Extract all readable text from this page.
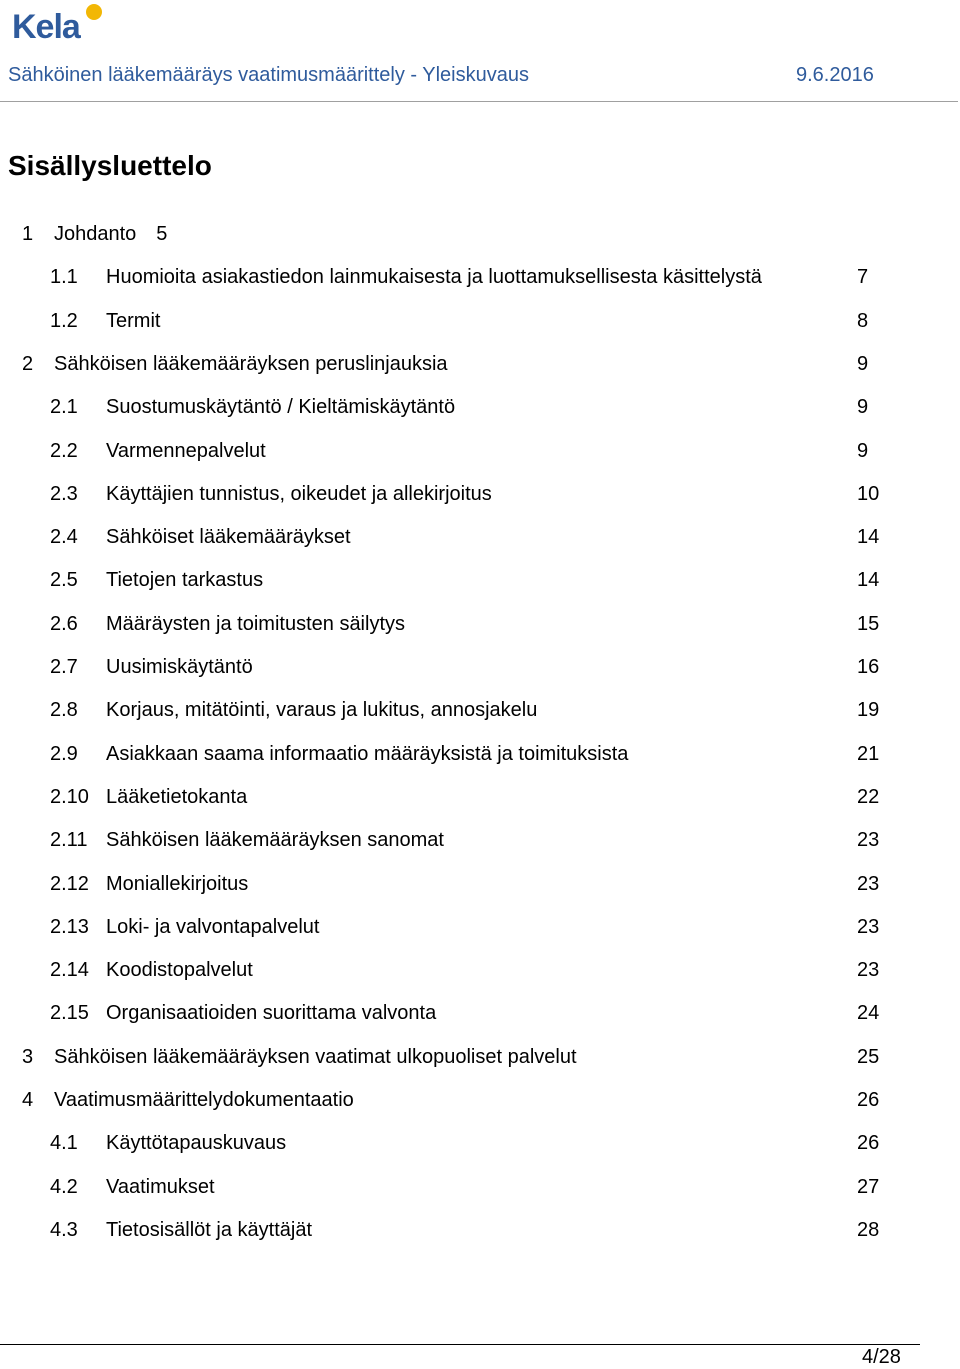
Kela
Sähköinen lääkemääräys vaatimusmäärittely - Yleiskuvaus	9.6.2016
Sisällysluettelo
1 Johdanto 5
1.1 Huomioita asiakastiedon lainmukaisesta ja luottamuksellisesta käsittelystä	7
1.2 Termit	8
2 Sähköisen lääkemääräyksen peruslinjauksia	9
2.1 Suostumuskäytäntö / Kieltämiskäytäntö	9
2.2 Varmennepalvelut	9
2.3 Käyttäjien tunnistus, oikeudet ja allekirjoitus	10
2.4 Sähköiset lääkemääräykset	14
2.5 Tietojen tarkastus	14
2.6 Määräysten ja toimitusten säilytys	15
2.7 Uusimiskäytäntö	16
2.8 Korjaus, mitätöinti, varaus ja lukitus, annosjakelu	19
2.9 Asiakkaan saama informaatio määräyksistä ja toimituksista	21
2.10 Lääketietokanta	22
2.11 Sähköisen lääkemääräyksen sanomat	23
2.12 Moniallekirjoitus	23
2.13 Loki- ja valvontapalvelut	23
2.14 Koodistopalvelut	23
2.15 Organisaatioiden suorittama valvonta	24
3 Sähköisen lääkemääräyksen vaatimat ulkopuoliset palvelut	25
4 Vaatimusmäärittelydokumentaatio	26
4.1 Käyttötapauskuvaus	26
4.2 Vaatimukset	27
4.3 Tietosisällöt ja käyttäjät	28
4/28
